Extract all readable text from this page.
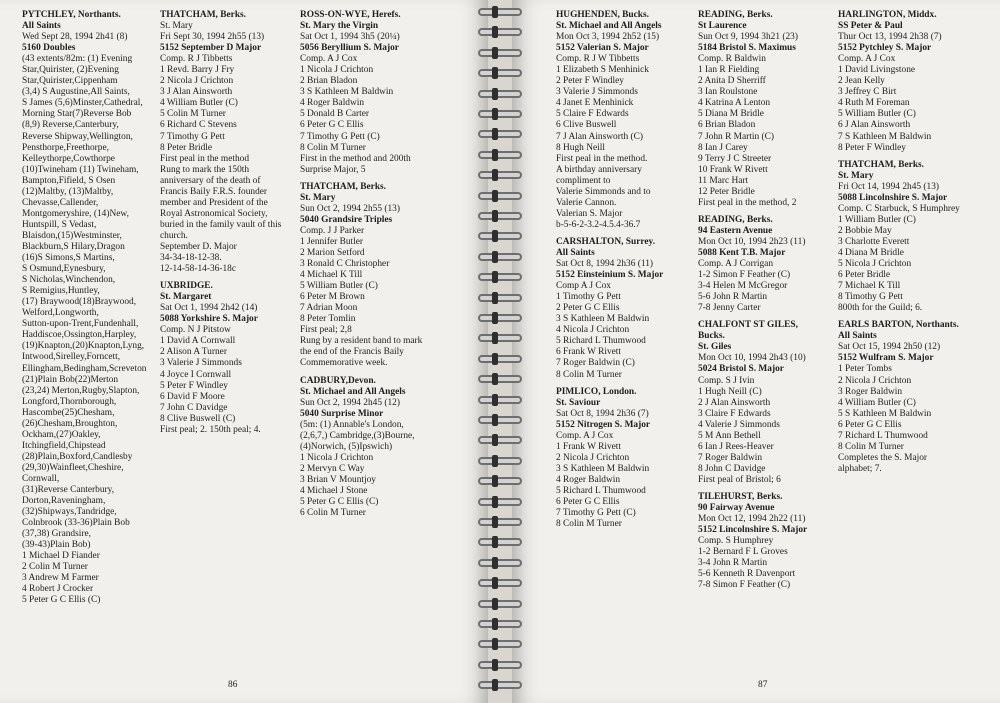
PYTCHLEY, Northants.
All Saints
Wed Sept 28, 1994 2h41 (8)
5160 Doubles
(43 extents/82m: (1) Evening
Star,Quirister, (2)Evening
Star,Quirister,Cippenham
(3,4) S Augustine,All Saints,
S James (5,6)Minster,Cathedral,
Morning Star(7)Reverse Bob
(8,9) Reverse,Canterbury,
Reverse Shipway,Wellington,
Pensthorpe,Freethorpe,
Kelleythorpe,Cowthorpe
(10)Twineham (11) Twineham,
Bampton,Fifield, S Osen
(12)Maltby, (13)Maltby,
Chevasse,Callender,
Montgomeryshire, (14)New,
Huntspill, S Vedast,
Blaisdon,(15)Westminster,
Blackburn,S Hilary,Dragon
(16)S Simons,S Martins,
S Osmund,Eynesbury,
S Nicholas,Winchendon,
S Remigius,Huntley,
(17) Braywood(18)Braywood,
Welford,Longworth,
Sutton-upon-Trent,Fundenhall,
Haddiscoe,Ossington,Harpley,
(19)Knapton,(20)Knapton,Lyng,
Intwood,Sirelley,Forncett,
Ellingham,Bedingham,Screveton
(21)Plain Bob(22)Merton
(23,24) Merton,Rugby,Slapton,
Longford,Thornborough,
Hascombe(25)Chesham,
(26)Chesham,Broughton,
Ockham,(27)Oakley,
Itchingfield,Chipstead
(28)Plain,Boxford,Candlesby
(29,30)Wainfleet,Cheshire,
Cornwall,
(31)Reverse Canterbury,
Dorton,Raveningham,
(32)Shipways,Tandridge,
Colnbrook (33-36)Plain Bob
(37,38) Grandsire,
(39-43)Plain Bob)
1 Michael D Fiander
2 Colin M Turner
3 Andrew M Farmer
4 Robert J Crocker
5 Peter G C Ellis (C)
THATCHAM, Berks.
St. Mary
Fri Sept 30, 1994 2h55 (13)
5152 September D Major
Comp. R J Tibbetts
1 Revd. Barry J Fry
2 Nicola J Crichton
3 J Alan Ainsworth
4 William Butler (C)
5 Colin M Turner
6 Richard C Stevens
7 Timothy G Pett
8 Peter Bridle
First peal in the method
Rung to mark the 150th
anniversary of the death of
Francis Baily F.R.S. founder
member and President of the
Royal Astronomical Society,
buried in the family vault of this
church.
September D. Major
34-34-18-12-38.
12-14-58-14-36-18c
UXBRIDGE.
St. Margaret
Sat Oct 1, 1994 2h42 (14)
5088 Yorkshire S. Major
Comp. N J Pitstow
1 David A Cornwall
2 Alison A Turner
3 Valerie J Simmonds
4 Joyce I Cornwall
5 Peter F Windley
6 David F Moore
7 John C Davidge
8 Clive Buswell (C)
First peal; 2. 150th peal; 4.
ROSS-ON-WYE, Herefs.
St. Mary the Virgin
Sat Oct 1, 1994 3h5 (20¼)
5056 Beryllium S. Major
Comp. A J Cox
1 Nicola J Crichton
2 Brian Bladon
3 S Kathleen M Baldwin
4 Roger Baldwin
5 Donald B Carter
6 Peter G C Ellis
7 Timothy G Pett (C)
8 Colin M Turner
First in the method and 200th
Surprise Major, 5
THATCHAM, Berks.
St. Mary
Sun Oct 2, 1994 2h55 (13)
5040 Grandsire Triples
Comp. J J Parker
1 Jennifer Butler
2 Marion Setford
3 Ronald C Christopher
4 Michael K Till
5 William Butler (C)
6 Peter M Brown
7 Adrian Moon
8 Peter Tomlin
First peal; 2,8
Rung by a resident band to mark
the end of the Francis Baily
Commemorative week.
CADBURY,Devon.
St. Michael and All Angels
Sun Oct 2, 1994 2h45 (12)
5040 Surprise Minor
(5m: (1) Annable's London,
(2,6,7,) Cambridge,(3)Bourne,
(4)Norwich, (5)Ipswich)
1 Nicola J Crichton
2 Mervyn C Way
3 Brian V Mountjoy
4 Michael J Stone
5 Peter G C Ellis (C)
6 Colin M Turner
86
HUGHENDEN, Bucks.
St. Michael and All Angels
Mon Oct 3, 1994 2h52 (15)
5152 Valerian S. Major
Comp. R J W Tibbetts
1 Elizabeth S Menhinick
2 Peter F Windley
3 Valerie J Simmonds
4 Janet E Menhinick
5 Claire F Edwards
6 Clive Buswell
7 J Alan Ainsworth (C)
8 Hugh Neill
First peal in the method.
A birthday anniversary
compliment to
Valerie Simmonds and to
Valerie Cannon.
Valerian S. Major
b-5-6-2-3.2-4.5.4-36.7
CARSHALTON, Surrey.
All Saints
Sat Oct 8, 1994 2h36 (11)
5152 Einsteinium S. Major
Comp A J Cox
1 Timothy G Pett
2 Peter G C Ellis
3 S Kathleen M Baldwin
4 Nicola J Crichton
5 Richard L Thumwood
6 Frank W Rivett
7 Roger Baldwin (C)
8 Colin M Turner
PIMLICO, London.
St. Saviour
Sat Oct 8, 1994 2h36 (7)
5152 Nitrogen S. Major
Comp. A J Cox
1 Frank W Rivett
2 Nicola J Crichton
3 S Kathleen M Baldwin
4 Roger Baldwin
5 Richard L Thumwood
6 Peter G C Ellis
7 Timothy G Pett (C)
8 Colin M Turner
READING, Berks.
St Laurence
Sun Oct 9, 1994 3h21 (23)
5184 Bristol S. Maximus
Comp. R Baldwin
1 Ian R Fielding
2 Anita D Sherriff
3 Ian Roulstone
4 Katrina A Lenton
5 Diana M Bridle
6 Brian Bladon
7 John R Martin (C)
8 Ian J Carey
9 Terry J C Streeter
10 Frank W Rivett
11 Marc Hart
12 Peter Bridle
First peal in the method, 2
READING, Berks.
94 Eastern Avenue
Mon Oct 10, 1994 2h23 (11)
5088 Kent T.B. Major
Comp. A J Corrigan
1-2 Simon F Feather (C)
3-4 Helen M McGregor
5-6 John R Martin
7-8 Jenny Carter
CHALFONT ST GILES,
Bucks.
St. Giles
Mon Oct 10, 1994 2h43 (10)
5024 Bristol S. Major
Comp. S J Ivin
1 Hugh Neill (C)
2 J Alan Ainsworth
3 Claire F Edwards
4 Valerie J Simmonds
5 M Ann Bethell
6 Ian J Rees-Heaver
7 Roger Baldwin
8 John C Davidge
First peal of Bristol; 6
TILEHURST, Berks.
90 Fairway Avenue
Mon Oct 12, 1994 2h22 (11)
5152 Lincolnshire S. Major
Comp. S Humphrey
1-2 Bernard F L Groves
3-4 John R Martin
5-6 Kenneth R Davenport
7-8 Simon F Feather (C)
HARLINGTON, Middx.
SS Peter & Paul
Thur Oct 13, 1994 2h38 (7)
5152 Pytchley S. Major
Comp. A J Cox
1 David Livingstone
2 Jean Kelly
3 Jeffrey C Birt
4 Ruth M Foreman
5 William Butler (C)
6 J Alan Ainsworth
7 S Kathleen M Baldwin
8 Peter F Windley
THATCHAM, Berks.
St. Mary
Fri Oct 14, 1994 2h45 (13)
5088 Lincolnshire S. Major
Comp. C Starbuck, S Humphrey
1 William Butler (C)
2 Bobbie May
3 Charlotte Everett
4 Diana M Bridle
5 Nicola J Crichton
6 Peter Bridle
7 Michael K Till
8 Timothy G Pett
800th for the Guild; 6.
EARLS BARTON, Northants.
All Saints
Sat Oct 15, 1994 2h50 (12)
5152 Wulfram S. Major
1 Peter Tombs
2 Nicola J Crichton
3 Roger Baldwin
4 William Butler (C)
5 S Kathleen M Baldwin
6 Peter G C Ellis
7 Richard L Thumwood
8 Colin M Turner
Completes the S. Major
alphabet; 7.
87
